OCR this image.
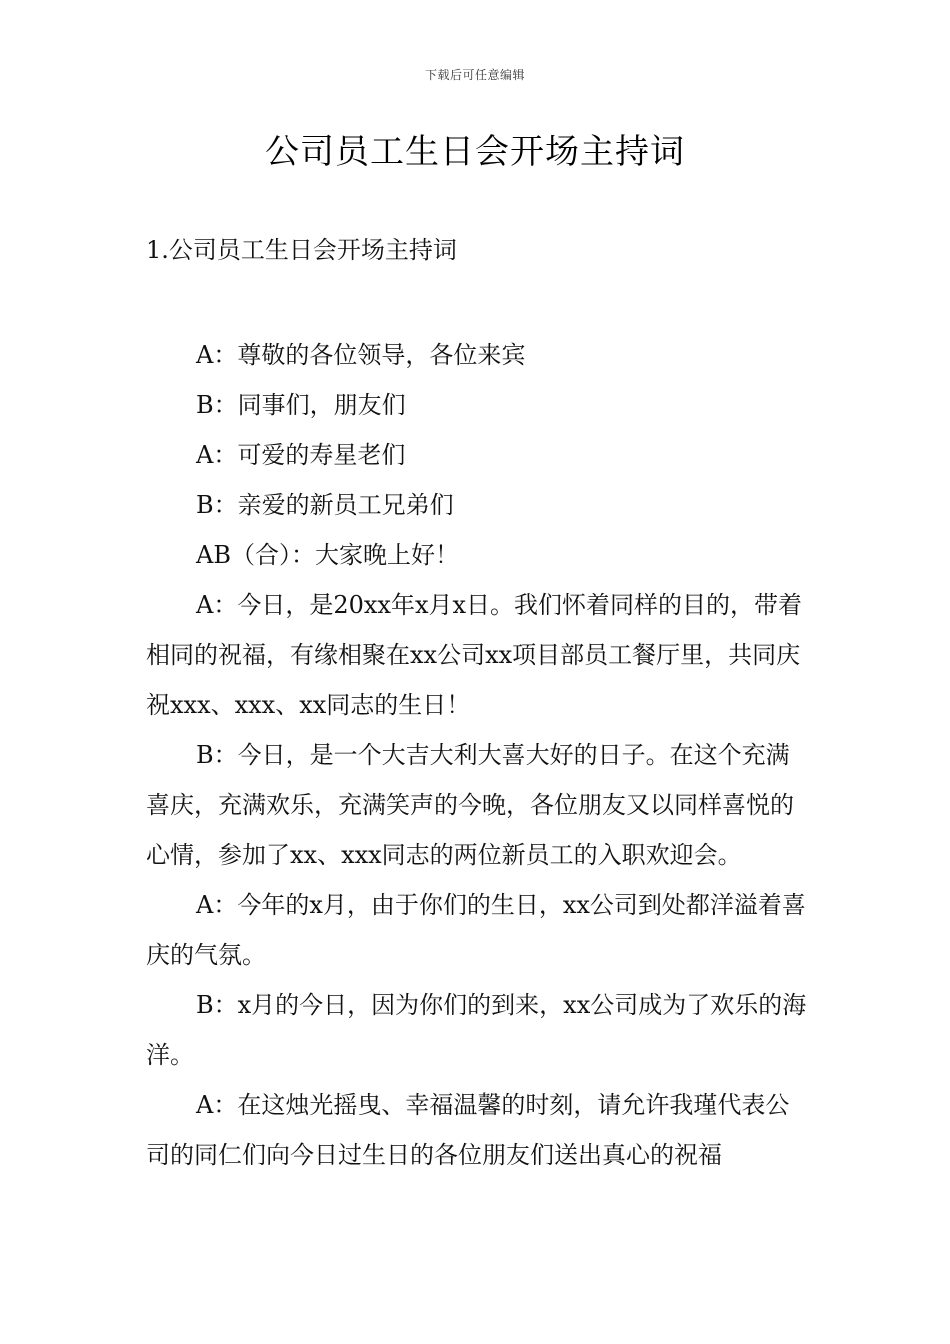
下载后可任意编辑
公司员工生日会开场主持词
1.公司员工生日会开场主持词

A：尊敬的各位领导，各位来宾

B：同事们，朋友们

A：可爱的寿星老们

B：亲爱的新员工兄弟们

AB（合）：大家晚上好！

A：今日，是20xx年x月x日。我们怀着同样的目的，带着相同的祝福，有缘相聚在xx公司xx项目部员工餐厅里，共同庆祝xxx、xxx、xx同志的生日！

B：今日，是一个大吉大利大喜大好的日子。在这个充满喜庆，充满欢乐，充满笑声的今晚，各位朋友又以同样喜悦的心情，参加了xx、xxx同志的两位新员工的入职欢迎会。

A：今年的x月，由于你们的生日，xx公司到处都洋溢着喜庆的气氛。

B：x月的今日，因为你们的到来，xx公司成为了欢乐的海洋。

A：在这烛光摇曳、幸福温馨的时刻，请允许我瑾代表公司的同仁们向今日过生日的各位朋友们送出真心的祝福
